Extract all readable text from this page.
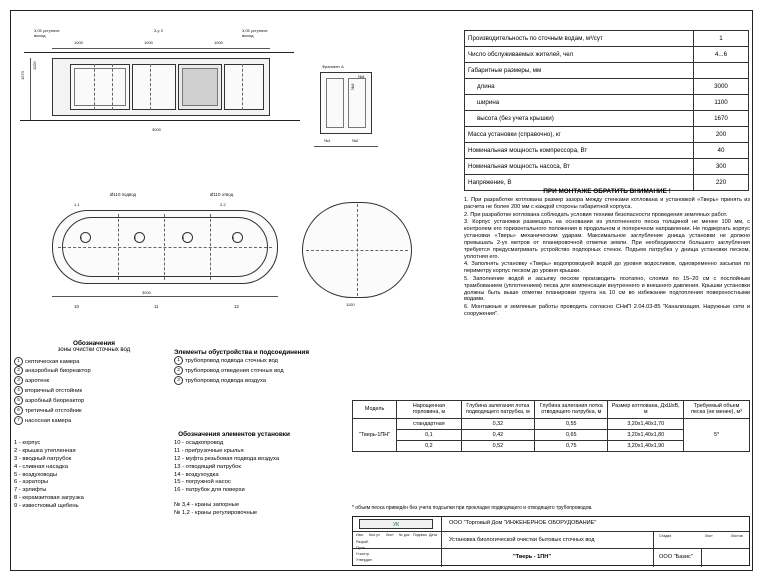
1670
1100
1000	1000	1000
3000
3,05 уступное
выход
3,05 уступное
выход
3-у 3
1	2	3	4
3000
1-1	2-2
Фрагмент А
№4
№3
№1	№2
1100
Ø110 подвод	Ø110 отвод
10	11	12
Производительность по сточным водам, м³/сут	1
Число обслуживаемых жителей, чел	4...6
Габаритные размеры, мм	
длина	3000
ширина	1100
высота (без учета крышки)	1670
Масса установки (справочно), кг	200
Номинальная мощность компрессора, Вт	40
Номинальная мощность насоса, Вт	300
Напряжение, В	220
ПРИ МОНТАЖЕ ОБРАТИТЬ ВНИМАНИЕ !

1. При разработке котлована размер зазора между стенками котлована и установкой «Тверь» принять из расчета не более 200 мм с каждой стороны габаритной корпуса.

2. При разработке котлована соблюдать условия техники безопасности проведения земляных работ.

3. Корпус установки размещать на основании из уплотненного песка толщиной не менее 100 мм, с контролем его горизонтального положения в продольном и поперечном направлении. Не подвергать корпус установки «Тверь» механическим ударам. Максимальное заглубление днища установки не должно превышать 2-ух метров от планировочной отметки земли. При необходимости большего заглубления требуется предусматривать устройство подпорных стенок. Подъем патрубка у днища установки песком, уплотняя его.

4. Заполнять установку «Тверь» водопроводной водой до уровня водосливов, одновременно засыпая по периметру корпус песком до уровня крышки.

5. Заполнение водой и засыпку песком производить поэтапно, слоями по 15–20 см с послойным трамбованием (уплотнением) песка для компенсации внутреннего и внешнего давления. Крышки установки должны быть выше отметки планировки грунта на 10 см во избежание подтопления поверхностными водами.

6. Монтажные и земляные работы проводить согласно СНиП 2.04.03-85 "Канализация. Наружные сети и сооружения".

Обозначения
зоны очистки сточных вод
1 септическая камера
2 анаэробный биореактор
3 аэротенк
4 вторичный отстойник
5 аэробный биореактор
6 третичный отстойник
7 насосная камера
Элементы обустройства и подсоединения
1 трубопровод подвода сточных вод
2 трубопровод отведения сточных вод
3 трубопровод подвода воздуха
Обозначения элементов установки
1 - корпус
2 - крышка утепленная
3 - вводный патрубок
4 - сливная насадка
5 - воздуховоды
6 - аэраторы
7 - эрлифты
8 - керамзитовая загрузка
9 - известковый щебень
10 - осадкопровод
11 - приґрузочные крылья
12 - муфта резьбовая подвода воздуха
13 - отводящий патрубок
14 - воздухоудка
15 - погружной насос
16 - патрубок для поверхи
№ 3,4 - краны запорные
№ 1,2 - краны регулировочные
Модель	Нарощенная горловина, м	Глубина залегания лотка подводящего патрубка, м	Глубина залегания лотка отводящего патрубка, м	Размер котлована, ДхШхВ, м	Требуемый объем песка (не менее), м³
"Тверь-1ПН"	стандартная	0,32	0,55	3,20х1,40х1,70	5*
	0,1	0,42	0,65	3,20х1,40х1,80	
	0,2	0,52	0,75	3,20х1,40х1,90	
* объем песка приведён без учета подсыпки при прокладке подводящего и отводящего трубопроводов.
УК	ООО "Торговый Дом "ИНЖЕНЕРНОЕ ОБОРУДОВАНИЕ"
Изм. Кол.уч Лист № док Подпись Дата
Разраб.
Пров.
Н.контр.
Утвердил
Установка биологической очистки бытовых сточных вод
"Тверь - 1ПН"
Стадия	Лист	Листов
ООО "Базис"
